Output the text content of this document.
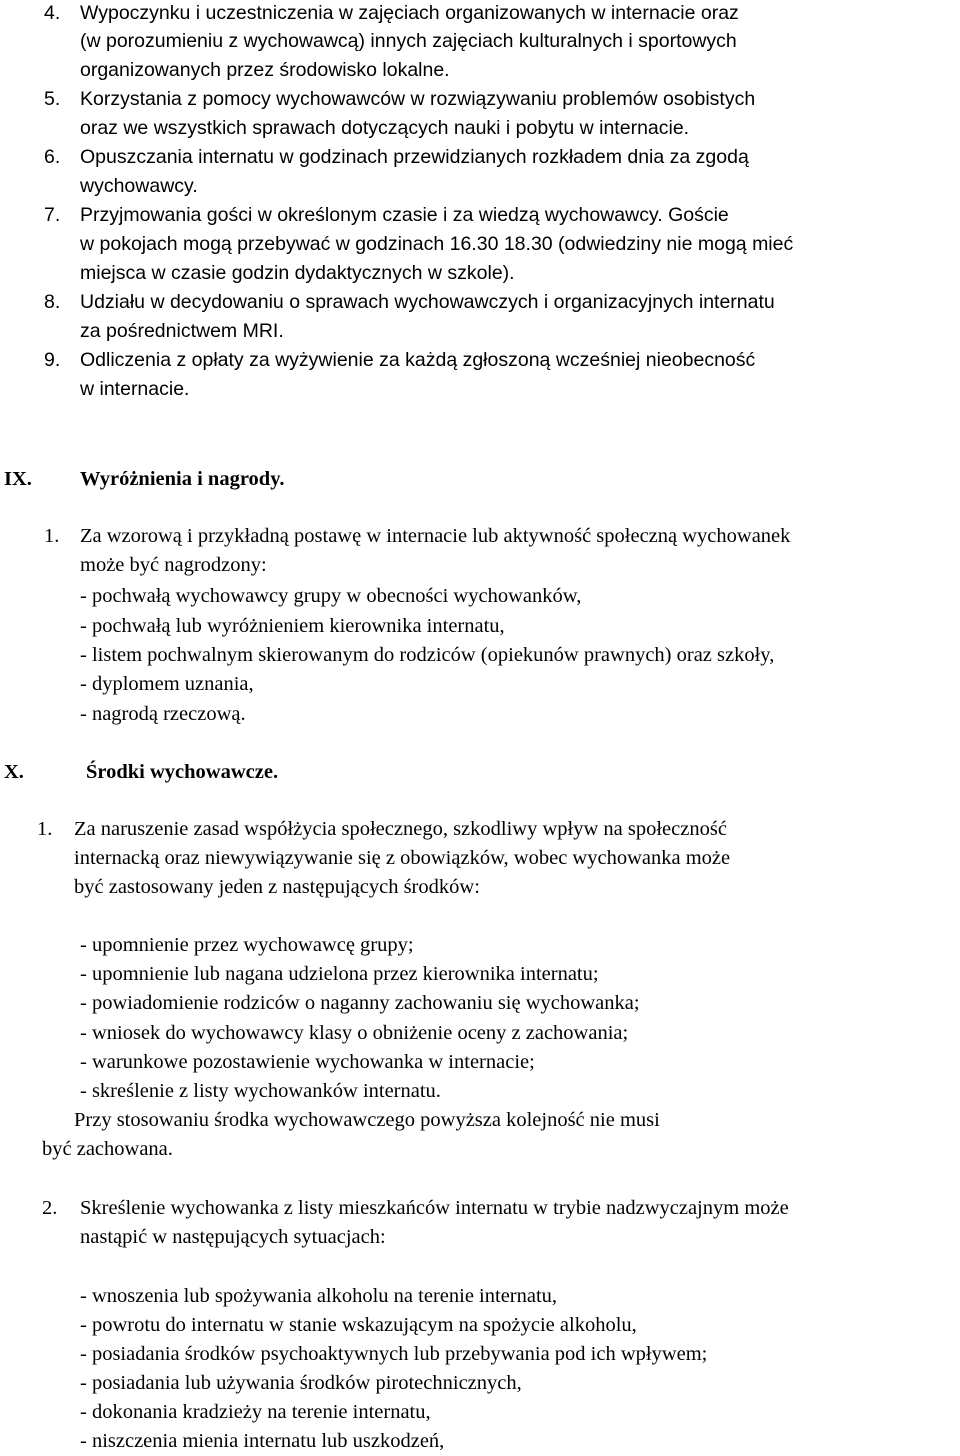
4. Wypoczynku i uczestniczenia w zajęciach organizowanych w internacie oraz
(w porozumieniu z wychowawcą) innych zajęciach kulturalnych i sportowych
organizowanych przez środowisko lokalne.
5. Korzystania z pomocy wychowawców w rozwiązywaniu problemów osobistych
oraz we wszystkich sprawach dotyczących nauki i pobytu w internacie.
6. Opuszczania internatu w godzinach przewidzianych rozkładem dnia za zgodą
wychowawcy.
7. Przyjmowania gości w określonym czasie i za wiedzą wychowawcy. Goście
w pokojach mogą przebywać w godzinach 16.30 18.30 (odwiedziny nie mogą mieć
miejsca w czasie godzin dydaktycznych w szkole).
8. Udziału w decydowaniu o sprawach wychowawczych i organizacyjnych internatu
za pośrednictwem MRI.
9. Odliczenia z opłaty za wyżywienie za każdą zgłoszoną wcześniej nieobecność
w internacie.
IX. Wyróżnienia i nagrody.
1. Za wzorową i przykładną postawę w internacie lub aktywność społeczną wychowanek
może być nagrodzony:
- pochwałą wychowawcy grupy w obecności wychowanków,
- pochwałą lub wyróżnieniem kierownika internatu,
- listem pochwalnym skierowanym do rodziców (opiekunów prawnych) oraz szkoły,
- dyplomem uznania,
- nagrodą rzeczową.
X.	Środki wychowawcze.
1. Za naruszenie zasad współżycia społecznego, szkodliwy wpływ na społeczność
internacką oraz niewywiązywanie się z obowiązków, wobec wychowanka może
być zastosowany jeden z następujących środków:
- upomnienie przez wychowawcę grupy;
- upomnienie lub nagana udzielona przez kierownika internatu;
- powiadomienie rodziców o naganny zachowaniu się wychowanka;
- wniosek do wychowawcy klasy o obniżenie oceny z zachowania;
- warunkowe pozostawienie wychowanka w internacie;
- skreślenie z listy wychowanków internatu.
Przy stosowaniu środka wychowawczego powyższa kolejność nie musi
być zachowana.
2. Skreślenie wychowanka z listy mieszkańców internatu w trybie nadzwyczajnym może
nastąpić w następujących sytuacjach:
- wnoszenia lub spożywania alkoholu na terenie internatu,
- powrotu do internatu w stanie wskazującym na spożycie alkoholu,
- posiadania środków psychoaktywnych lub przebywania pod ich wpływem;
- posiadania lub używania środków pirotechnicznych,
- dokonania kradzieży na terenie internatu,
- niszczenia mienia internatu lub uszkodzeń,
